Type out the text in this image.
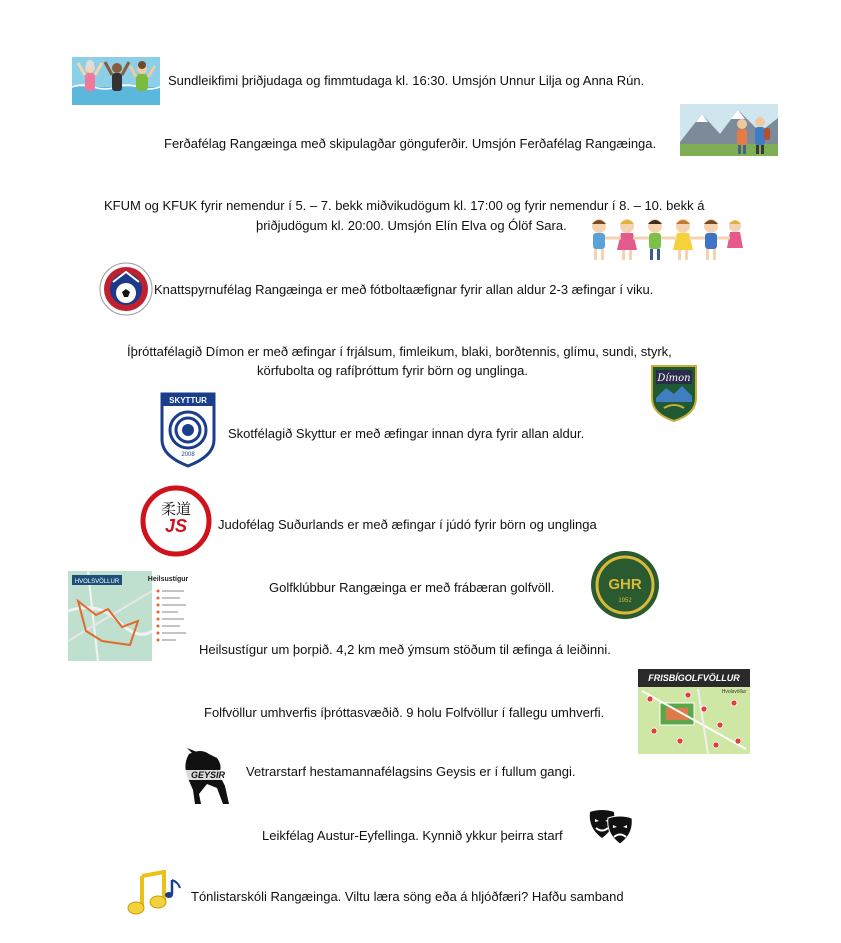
Sundleikfimi þriðjudaga og fimmtudaga kl. 16:30. Umsjón Unnur Lilja og Anna Rún.
Ferðafélag Rangæinga með skipulagðar gönguferðir. Umsjón Ferðafélag Rangæinga.
KFUM og KFUK fyrir nemendur í 5. – 7. bekk miðvikudögum kl. 17:00 og fyrir nemendur í 8. – 10. bekk á
þriðjudögum kl. 20:00. Umsjón Elín Elva og Ólöf Sara.
Knattspyrnufélag Rangæinga er með fótboltaæfignar fyrir allan aldur 2-3 æfingar í viku.
Íþróttafélagið Dímon er með æfingar í frjálsum, fimleikum, blaki, borðtennis, glímu, sundi, styrk,
körfubolta og rafíþróttum fyrir börn og unglinga.
Dímon
SKYTTUR
2008
Skotfélagið Skyttur er með æfingar innan dyra fyrir allan aldur.
柔道
JS Judofélag Suðurlands er með æfingar í júdó fyrir börn og unglinga
HVOLSVÖLLUR	Heilsustígur
Golfklúbbur Rangæinga er með frábæran golfvöll.	GHR
1952
Heilsustígur um þorpið. 4,2 km með ýmsum stöðum til æfinga á leiðinni.
Folfvöllur umhverfis íþróttasvæðið. 9 holu Folfvöllur í fallegu umhverfi.
FRISBÍGOLFVÖLLUR
Hvolsvöllur
GEYSIR Vetrarstarf hestamannafélagsins Geysis er í fullum gangi.
Leikfélag Austur-Eyfellinga. Kynnið ykkur þeirra starf
Tónlistarskóli Rangæinga. Viltu læra söng eða á hljóðfæri? Hafðu samband
